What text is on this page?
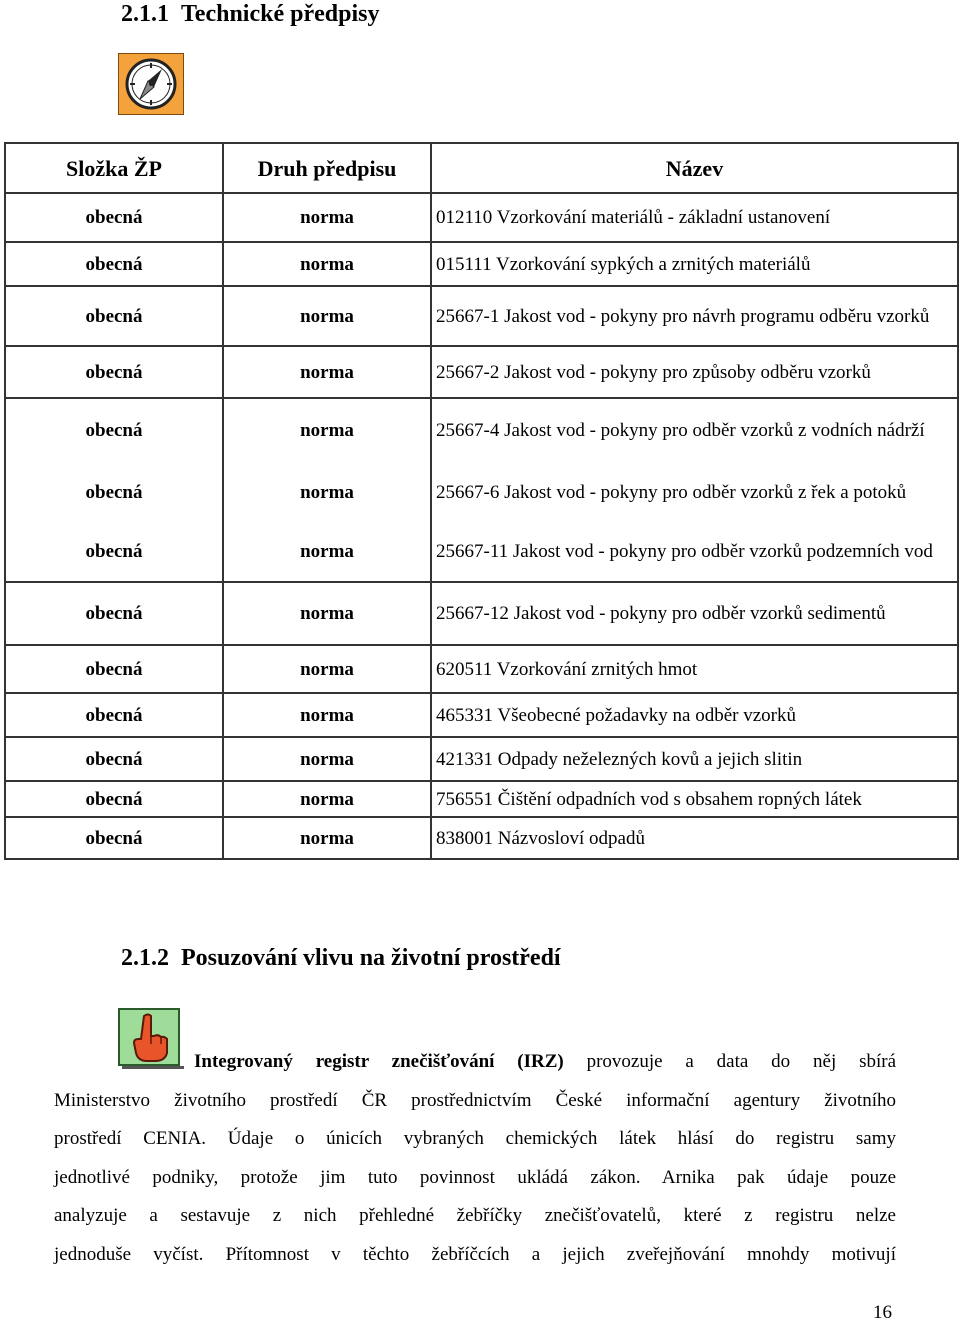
2.1.1 Technické předpisy
Složka ŽP	Druh předpisu	Název
obecná	norma	012110 Vzorkování materiálů - základní ustanovení
obecná	norma	015111 Vzorkování sypkých a zrnitých materiálů
obecná	norma	25667-1 Jakost vod - pokyny pro návrh programu odběru vzorků
obecná	norma	25667-2 Jakost vod - pokyny pro způsoby odběru vzorků
obecná	norma	25667-4 Jakost vod - pokyny pro odběr vzorků z vodních nádrží
obecná	norma	25667-6 Jakost vod - pokyny pro odběr vzorků z řek a potoků
obecná	norma	25667-11 Jakost vod - pokyny pro odběr vzorků podzemních vod
obecná	norma	25667-12 Jakost vod - pokyny pro odběr vzorků sedimentů
obecná	norma	620511 Vzorkování zrnitých hmot
obecná	norma	465331 Všeobecné požadavky na odběr vzorků
obecná	norma	421331 Odpady neželezných kovů a jejich slitin
obecná	norma	756551 Čištění odpadních vod s obsahem ropných látek
obecná	norma	838001 Názvosloví odpadů
2.1.2 Posuzování vlivu na životní prostředí
Integrovaný registr znečišťování (IRZ) provozuje a data do něj sbírá
Ministerstvo životního prostředí ČR prostřednictvím České informační agentury životního
prostředí CENIA. Údaje o únicích vybraných chemických látek hlásí do registru samy
jednotlivé podniky, protože jim tuto povinnost ukládá zákon. Arnika pak údaje pouze
analyzuje a sestavuje z nich přehledné žebříčky znečišťovatelů, které z registru nelze
jednoduše vyčíst. Přítomnost v těchto žebříčcích a jejich zveřejňování mnohdy motivují
16
